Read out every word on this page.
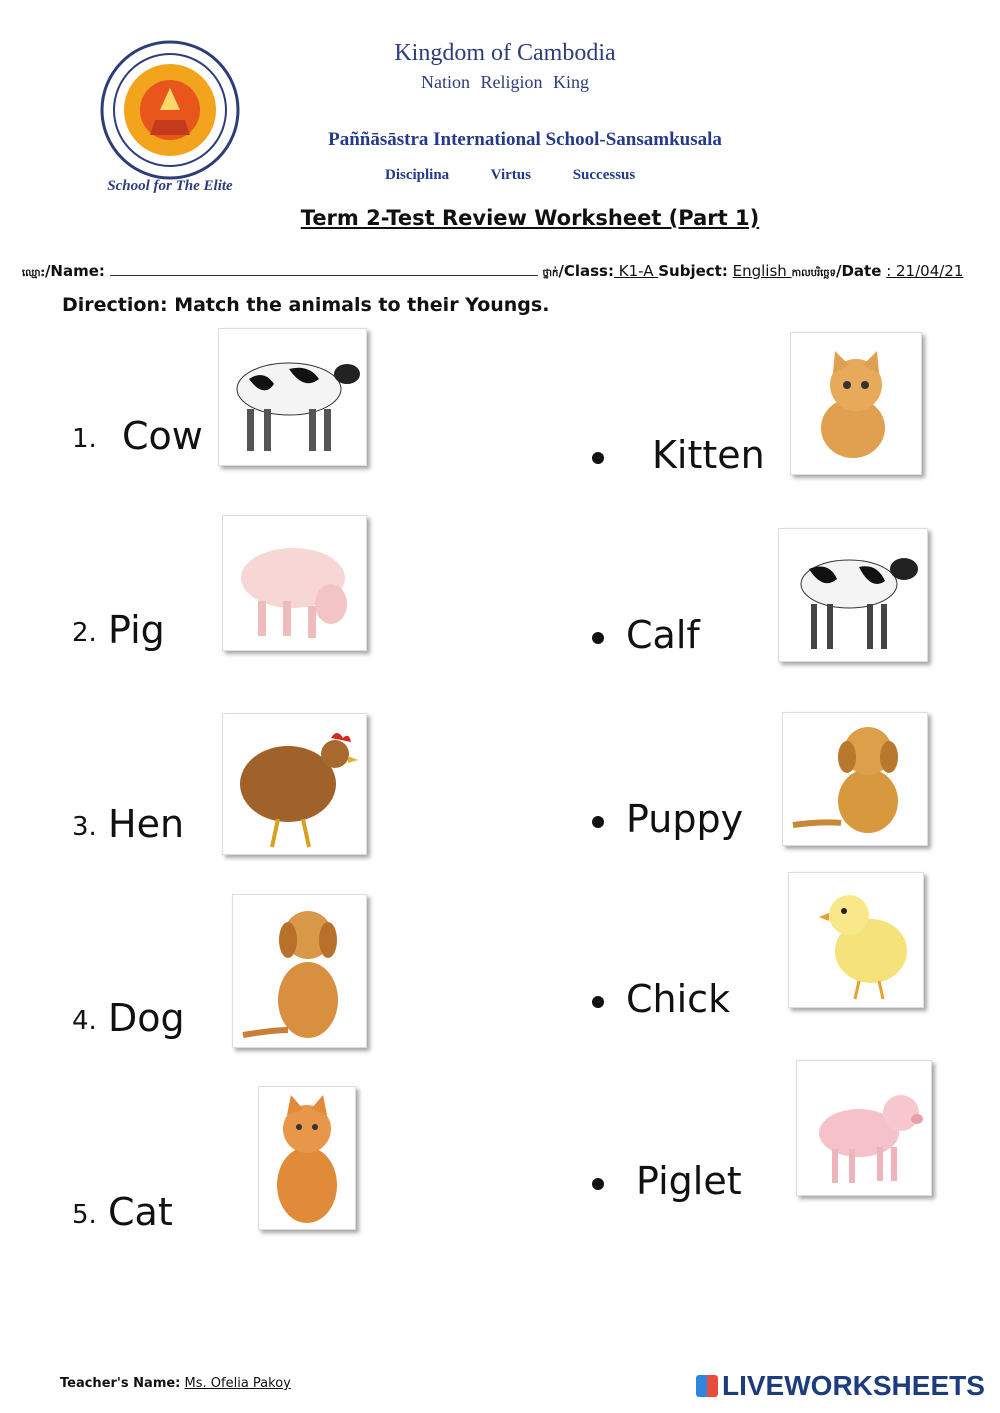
School for The Elite
Kingdom of Cambodia
Nation Religion King
Paññāsāstra International School-Sansamkusala
Disciplina	Virtus	Successus
Term 2-Test Review Worksheet (Part 1)
ឈ្មោះ/Name:	ថ្នាក់/Class: K1-A Subject: English កាលបរិច្ឆេទ/Date : 21/04/21
Direction: Match the animals to their Youngs.
1. Cow
2. Pig
3. Hen
4. Dog
5. Cat
Kitten
Calf
Puppy
Chick
Piglet
Teacher's Name: Ms. Ofelia Pakoy	LIVEWORKSHEETS
